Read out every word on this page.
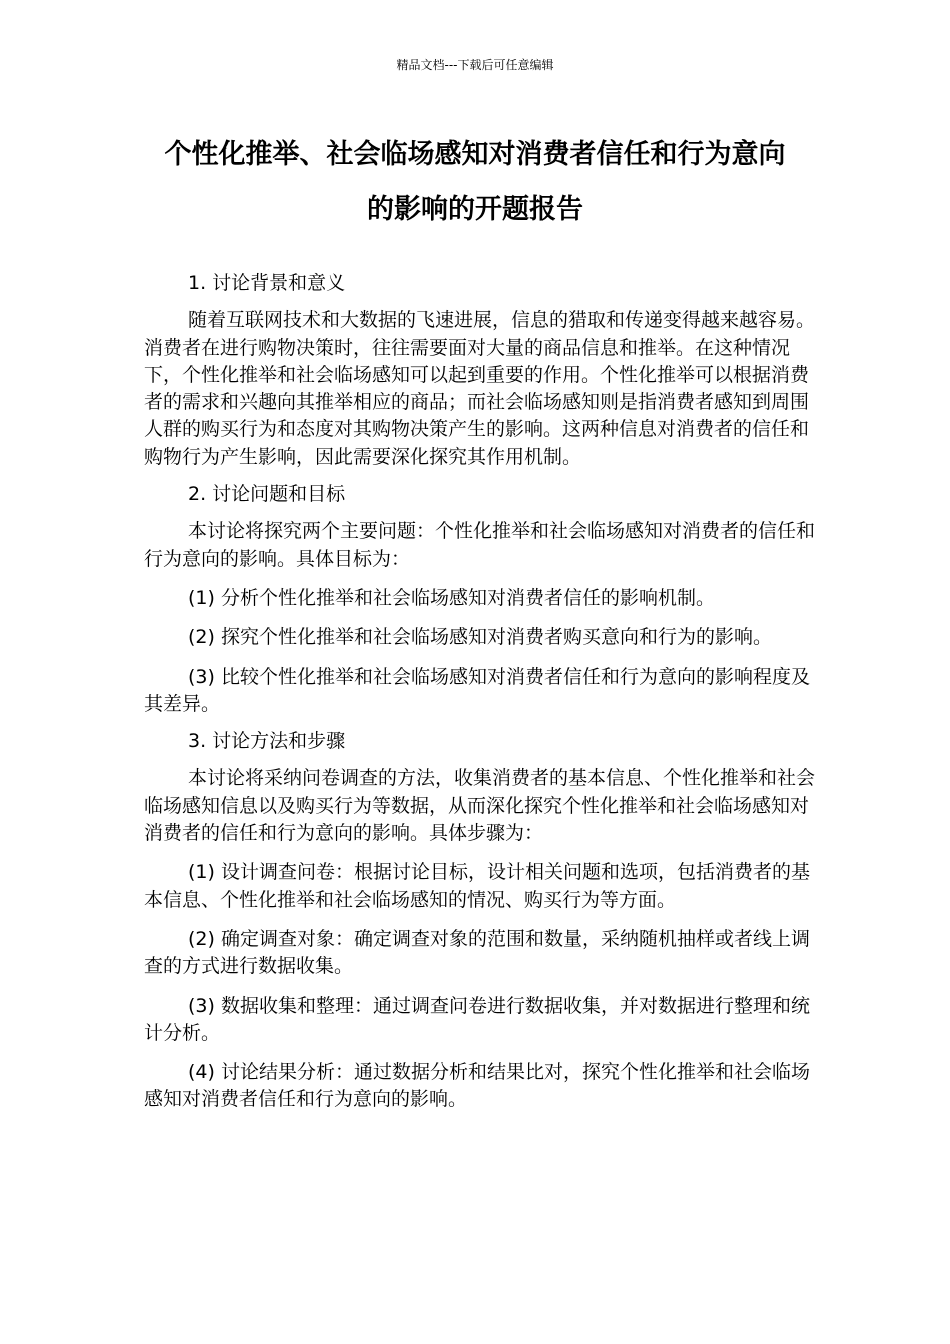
精品文档---下载后可任意编辑
个性化推举、社会临场感知对消费者信任和行为意向
的影响的开题报告

1. 讨论背景和意义

随着互联网技术和大数据的飞速进展，信息的猎取和传递变得越来越容易。消费者在进行购物决策时，往往需要面对大量的商品信息和推举。在这种情况下，个性化推举和社会临场感知可以起到重要的作用。个性化推举可以根据消费者的需求和兴趣向其推举相应的商品；而社会临场感知则是指消费者感知到周围人群的购买行为和态度对其购物决策产生的影响。这两种信息对消费者的信任和购物行为产生影响，因此需要深化探究其作用机制。

2. 讨论问题和目标

本讨论将探究两个主要问题：个性化推举和社会临场感知对消费者的信任和行为意向的影响。具体目标为：

(1) 分析个性化推举和社会临场感知对消费者信任的影响机制。

(2) 探究个性化推举和社会临场感知对消费者购买意向和行为的影响。

(3) 比较个性化推举和社会临场感知对消费者信任和行为意向的影响程度及其差异。

3. 讨论方法和步骤

本讨论将采纳问卷调查的方法，收集消费者的基本信息、个性化推举和社会临场感知信息以及购买行为等数据，从而深化探究个性化推举和社会临场感知对消费者的信任和行为意向的影响。具体步骤为：

(1) 设计调查问卷：根据讨论目标，设计相关问题和选项，包括消费者的基本信息、个性化推举和社会临场感知的情况、购买行为等方面。

(2) 确定调查对象：确定调查对象的范围和数量，采纳随机抽样或者线上调查的方式进行数据收集。

(3) 数据收集和整理：通过调查问卷进行数据收集，并对数据进行整理和统计分析。

(4) 讨论结果分析：通过数据分析和结果比对，探究个性化推举和社会临场感知对消费者信任和行为意向的影响。
